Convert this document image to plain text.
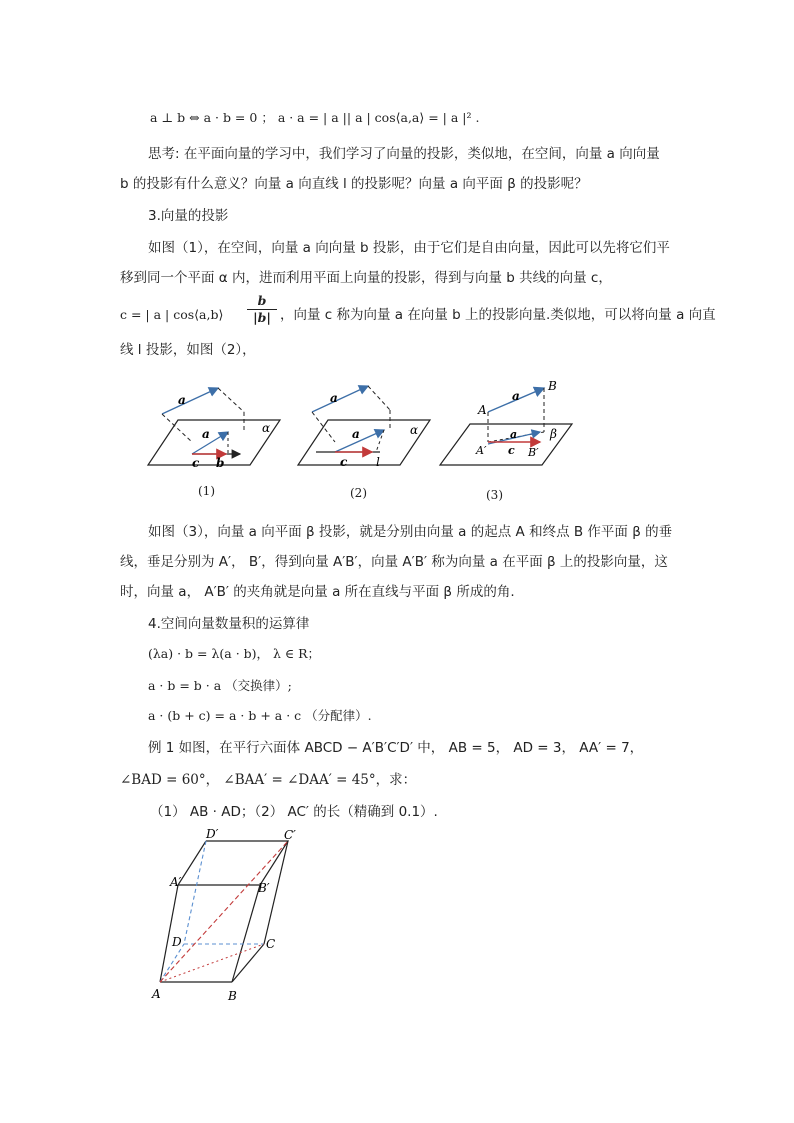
a ⊥ b ⇔ a · b = 0 ； a · a = | a || a | cos⟨a,a⟩ = | a |² .
思考: 在平面向量的学习中，我们学习了向量的投影，类似地，在空间，向量 a 向向量
b 的投影有什么意义？向量 a 向直线 l 的投影呢？向量 a 向平面 β 的投影呢？
3.向量的投影
如图（1），在空间，向量 a 向向量 b 投影，由于它们是自由向量，因此可以先将它们平
移到同一个平面 α 内，进而利用平面上向量的投影，得到与向量 b 共线的向量 c，
c = | a | cos⟨a,b⟩ $\frac{b}{|b|}$ ，向量 c 称为向量 a 在向量 b 上的投影向量.类似地，可以将向量 a 向直
线 l 投影，如图（2），
a
a
c b
α
a
a
c l
α
A
B
a
a
c
A′	B′
β
(1)	(2)	(3)
如图（3），向量 a 向平面 β 投影，就是分别由向量 a 的起点 A 和终点 B 作平面 β 的垂
线，垂足分别为 A′， B′，得到向量 A′B′，向量 A′B′ 称为向量 a 在平面 β 上的投影向量，这
时，向量 a， A′B′ 的夹角就是向量 a 所在直线与平面 β 所成的角.
4.空间向量数量积的运算律
(λa) · b = λ(a · b)， λ ∈ R；
a · b = b · a （交换律）;
a · (b + c) = a · b + a · c （分配律）.
例 1 如图，在平行六面体 ABCD − A′B′C′D′ 中， AB = 5， AD = 3， AA′ = 7，
∠BAD = 60°， ∠BAA′ = ∠DAA′ = 45°，求：
（1） AB · AD；（2） AC′ 的长（精确到 0.1）.
D′	C′
A′	B′
D	C
A	B
